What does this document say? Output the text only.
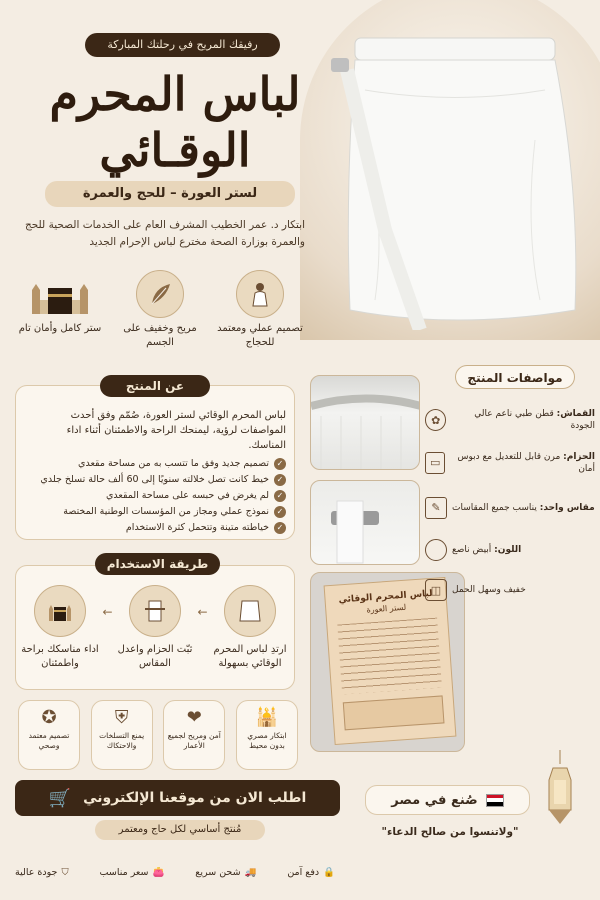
رفيقك المريح في رحلتك المباركة
لباس المحرم
الوقـائي
لستر العورة – للحج والعمرة
ابتكار د. عمر الخطيب المشرف العام على الخدمات الصحية للحج والعمرة بوزارة الصحة مخترع لباس الإحرام الجديد
تصميم عملي ومعتمد للحجاج
مريح وخفيف على الجسم
ستر كامل وأمان تام
لباس المحرم الوقائي لستر العورة، صُمّم وفق أحدث المواصفات لرؤية، ليمنحك الراحة والاطمئنان أثناء اداء المناسك.
✓تصميم جديد وفق ما تتسب به من مساحة مقعدي
✓خيط كانت تصل خلالته سنويًا إلى 60 ألف حالة تسلخ جلدي
✓لم يغرض في حبسه على مساحة المقعدي
✓نموذج عملي ومجاز من المؤسسات الوطنية المختصة
✓خياطته متينة وتتحمل كثرة الاستخدام
عن المنتج
طريقة الاستخدام
ارتدِ لباس المحرم الوقائي بسهولة
←
ثبّت الحزام واعدل المقاس
←
اداء مناسكك براحة واطمئنان
لباس المحرم الوقائي
لستر العورة
مواصفات المنتج
✿	القماش: قطن طبي ناعم عالي الجودة
▭	الحزام: مرن قابل للتعديل مع دبوس أمان
✎	مقاس واحد: يناسب جميع المقاسات
اللون: أبيض ناصع
◫	خفيف وسهل الحمل
🕌
ابتكار مصري بدون محيط
❤
آمن ومريح لجميع الأعمار
⛨
يمنع التسلخات والاحتكاك
✪
تصميم معتمد وصحي
اطلب الان من موقعنا الإلكتروني
🛒
مُنتج أساسي لكل حاج ومعتمر
صُنع في مصر
"ولاتنسوا من صالح الدعاء"
🔒
دفع آمن
🚚
شحن سريع
👛
سعر مناسب
⛉
جودة عالية
